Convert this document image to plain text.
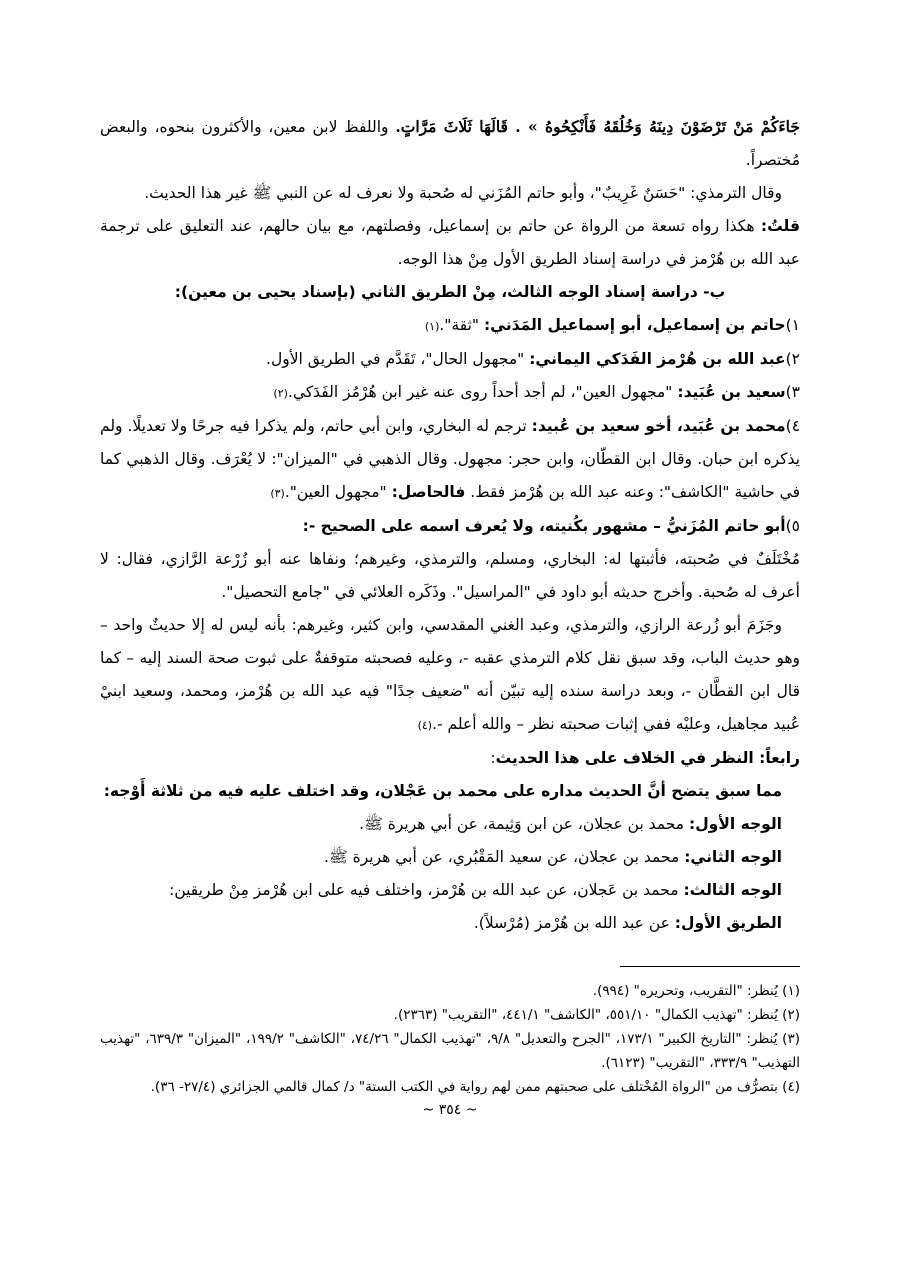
جَاءَكُمْ مَنْ تَرْضَوْنَ دِينَهُ وَخُلُقَهُ فَأَنْكِحُوهُ » . قَالَهَا ثَلَاثَ مَرَّاتٍ. واللفظ لابن معين، والأكثرون بنحوه، والبعض مُختصراً.

وقال الترمذي: "حَسَنٌ غَرِيبٌ"، وأبو حاتم المُزَني له صُحبة ولا نعرف له عن النبي ﷺ غير هذا الحديث.

قلتُ: هكذا رواه تسعة من الرواة عن حاتم بن إسماعيل، وفصلتهم، مع بيان حالهم، عند التعليق على ترجمة عبد الله بن هُرْمز في دراسة إسناد الطريق الأول مِنْ هذا الوجه.

ب- دراسة إسناد الوجه الثالث، مِنْ الطريق الثاني (بإسناد يحيى بن معين):

١)حاتم بن إسماعيل، أبو إسماعيل المَدَني: "ثقة".(١)

٢)عبد الله بن هُرْمز الفَدَكي اليماني: "مجهول الحال"، تَقَدَّم في الطريق الأول.

٣)سعيد بن عُبَيد: "مجهول العين"، لم أجد أحداً روى عنه غير ابن هُرْمُز الفَدَكي.(٢)

٤)محمد بن عُبَيد، أخو سعيد بن عُبيد: ترجم له البخاري، وابن أبي حاتم، ولم يذكرا فيه جرحًا ولا تعديلًا. ولم يذكره ابن حبان. وقال ابن القطّان، وابن حجر: مجهول. وقال الذهبي في "الميزان": لا يُعْرَف. وقال الذهبي كما في حاشية "الكاشف": وعنه عبد الله بن هُرْمز فقط. فالحاصل: "مجهول العين".(٣)

٥)أبو حاتم المُزَنيُّ – مشهور بكُنيته، ولا يُعرف اسمه على الصحيح -:

مُخْتَلَفٌ في صُحبته، فأثبتها له: البخاري، ومسلم، والترمذي، وغيرهم؛ ونفاها عنه أبو زُرْعة الرَّازي، فقال: لا أعرف له صُحبة. وأخرج حديثه أبو داود في "المراسيل". وذَكَره العلائي في "جامع التحصيل".

وجَزَمَ أبو زُرعة الرازي، والترمذي، وعبد الغني المقدسي، وابن كثير، وغيرهم: بأنه ليس له إلا حديثٌ واحد – وهو حديث الباب، وقد سبق نقل كلام الترمذي عقبه -، وعليه فصحبته متوقفةٌ على ثبوت صحة السند إليه – كما قال ابن القطَّان -، وبعد دراسة سنده إليه تبيّن أنه "ضعيف جدًا" فيه عبد الله بن هُرْمز، ومحمد، وسعيد ابنيْ عُبيد مجاهيل، وعليْه ففي إثبات صحبته نظر – والله أعلم -.(٤)

رابعاً: النظر في الخلاف على هذا الحديث:

مما سبق يتضح أنَّ الحديث مداره على محمد بن عَجْلان، وقد اختلف عليه فيه من ثلاثة أَوْجه:

الوجه الأول: محمد بن عجلان، عن ابن وَثِيمة، عن أبي هريرة ﷺ.

الوجه الثاني: محمد بن عجلان، عن سعيد المَقْبُري، عن أبي هريرة ﷺ.

الوجه الثالث: محمد بن عَجلان، عن عبد الله بن هُرْمز، واختلف فيه على ابن هُرْمز مِنْ طريقين:

الطريق الأول: عن عبد الله بن هُرْمز (مُرْسلاً).

(١) يُنظر: "التقريب، وتحريره" (٩٩٤).

(٢) يُنظر: "تهذيب الكمال" ٥٥١/١٠، "الكاشف" ٤٤١/١، "التقريب" (٢٣٦٣).

(٣) يُنظر: "التاريخ الكبير" ١٧٣/١، "الجرح والتعديل" ٩/٨، "تهذيب الكمال" ٧٤/٢٦، "الكاشف" ١٩٩/٢، "الميزان" ٦٣٩/٣، "تهذيب التهذيب" ٣٣٣/٩، "التقريب" (٦١٢٣).

(٤) بتصرُّف من "الرواة المُخْتلف على صحبتهم ممن لهم رواية في الكتب الستة" د/ كمال قالمي الجزائري (٢٧/٤- ٣٦).

~ ٣٥٤ ~
